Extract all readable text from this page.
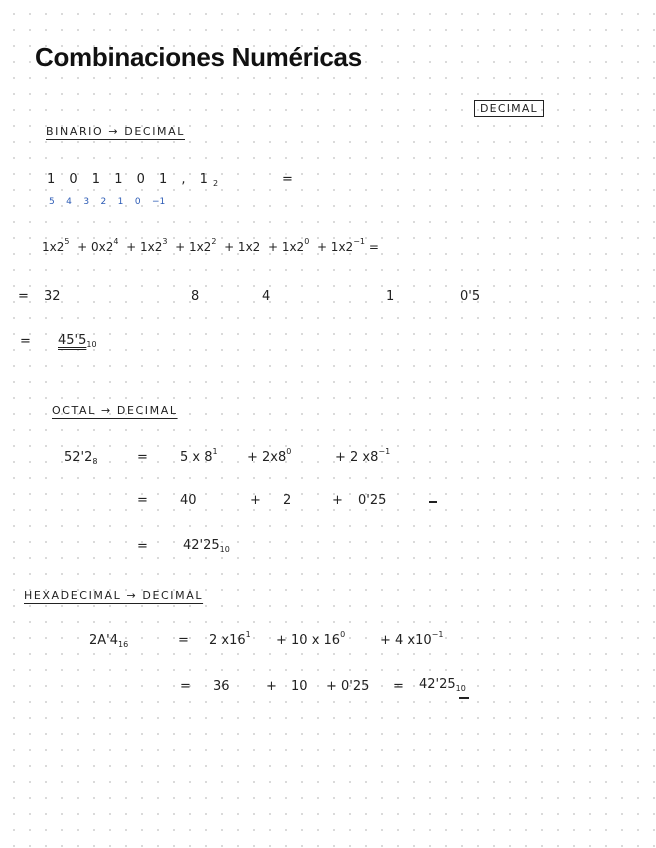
Combinaciones Numéricas
DECIMAL
BINARIO → DECIMAL
1 0 1 1 0 1 , $1_2$	=
5    4    3    2    1    0    −1
$1x2^5 + 0x2^4 + 1x2^3 + 1x2^2 + 1x2 + 1x2^0 + 1x2^{-1}$ =
= 32	8	4	1	0'5
= $45'5_{10}$
OCTAL → DECIMAL
$52'2_8$	= 5 x $8^1 + 2x8^0$	+ 2 $x8^{-1}$
= 40	+ 2	+ 0'25
=	$42'25_{10}$
HEXADECIMAL → DECIMAL
$2A'4_{16}$	= 2 $x16^1 + 10$ x $16^0$	+ 4 $x10^{-1}$
= 36	+ $10 + 0'25 = 42'25_{10}$
